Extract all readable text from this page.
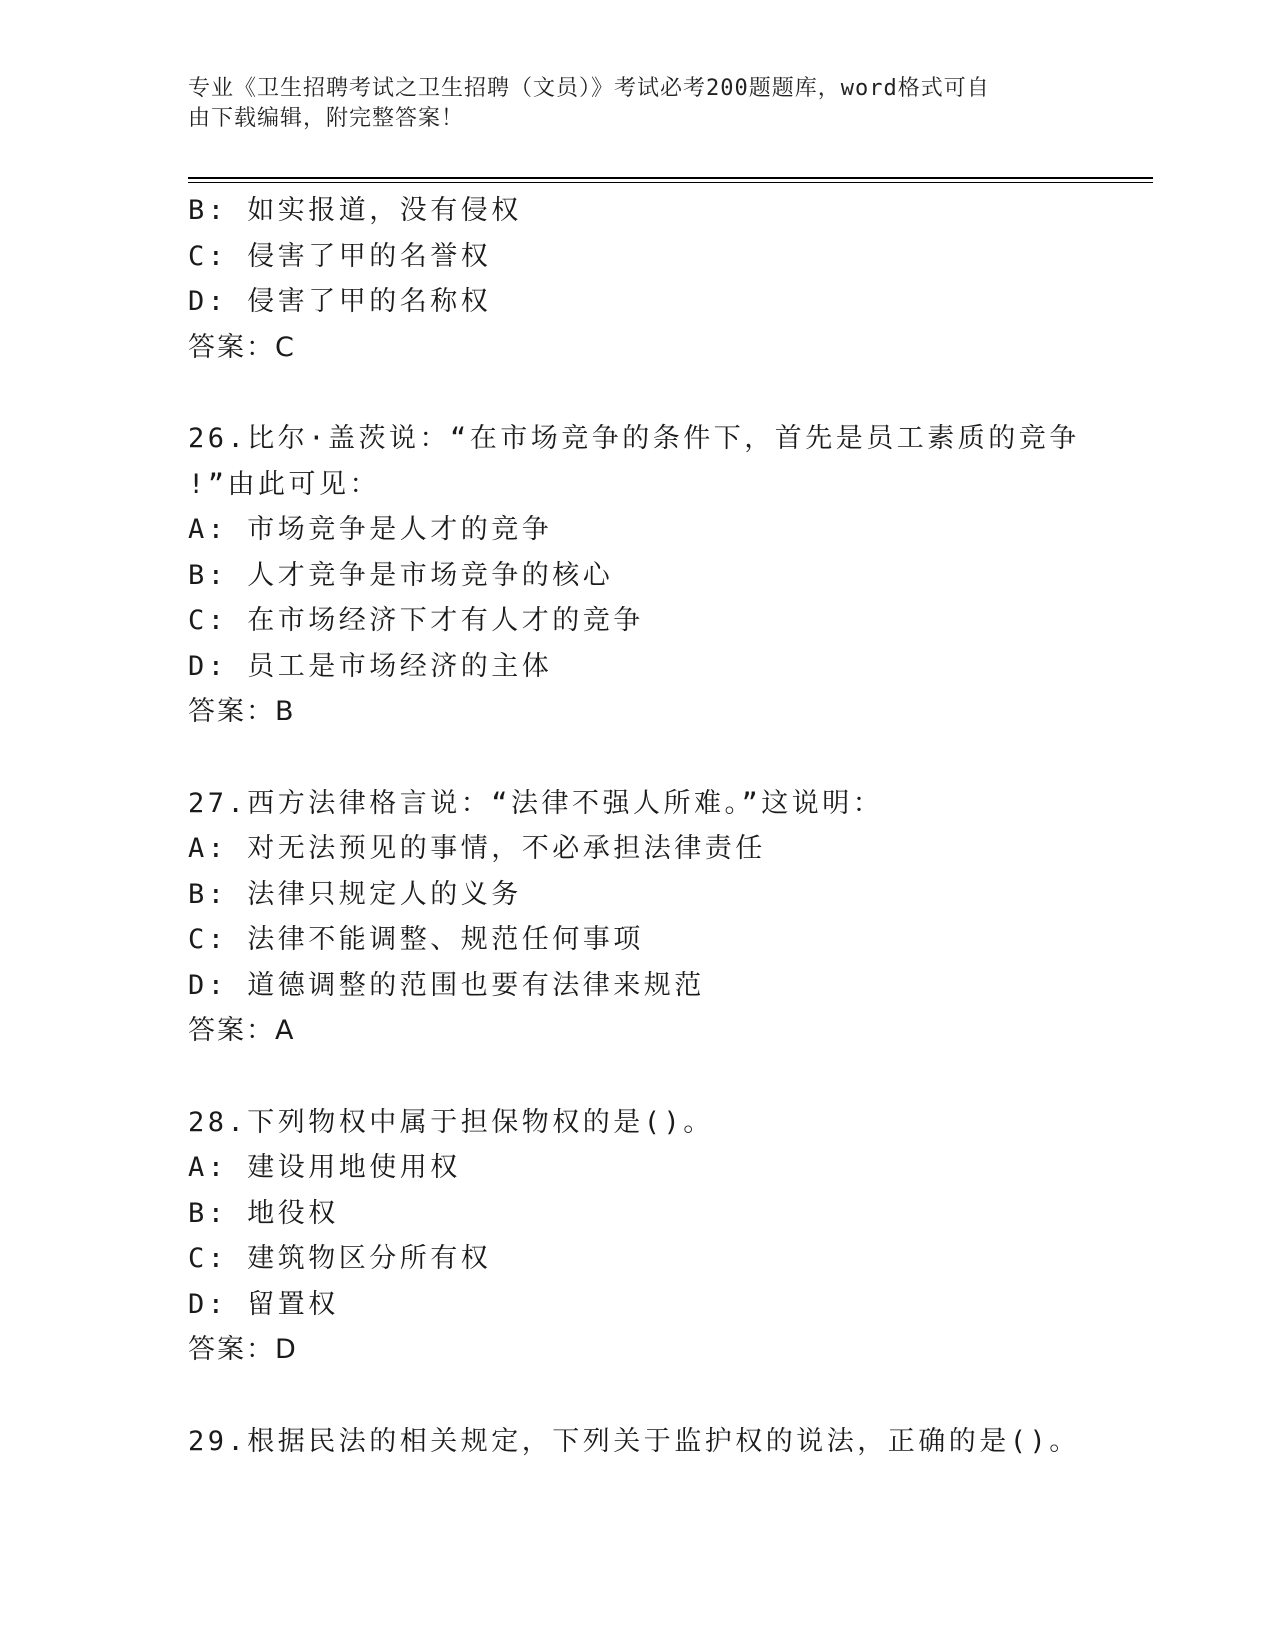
专业《卫生招聘考试之卫生招聘（文员）》考试必考200题题库，word格式可自
由下载编辑，附完整答案！
B: 如实报道，没有侵权
C: 侵害了甲的名誉权
D: 侵害了甲的名称权
答案：C
26.比尔·盖茨说：“在市场竞争的条件下，首先是员工素质的竞争
!”由此可见：
A: 市场竞争是人才的竞争
B: 人才竞争是市场竞争的核心
C: 在市场经济下才有人才的竞争
D: 员工是市场经济的主体
答案：B
27.西方法律格言说：“法律不强人所难。”这说明：
A: 对无法预见的事情，不必承担法律责任
B: 法律只规定人的义务
C: 法律不能调整、规范任何事项
D: 道德调整的范围也要有法律来规范
答案：A
28.下列物权中属于担保物权的是()。
A: 建设用地使用权
B: 地役权
C: 建筑物区分所有权
D: 留置权
答案：D
29.根据民法的相关规定，下列关于监护权的说法，正确的是()。
